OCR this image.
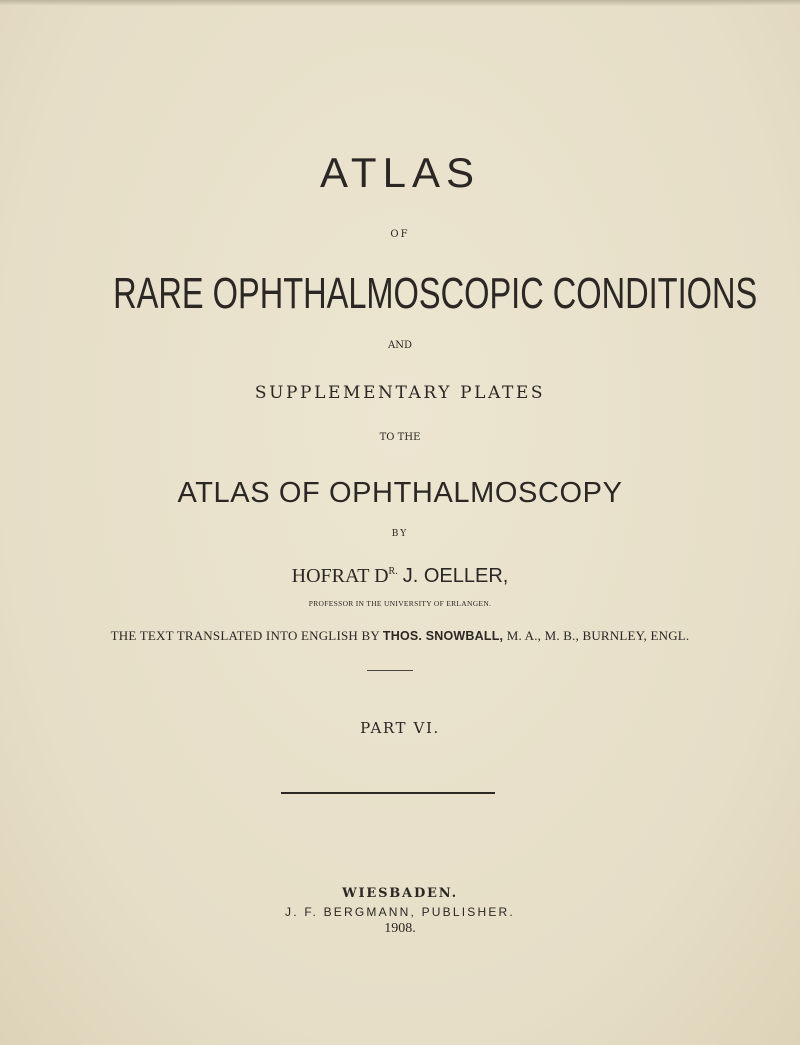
ATLAS
OF
RARE OPHTHALMOSCOPIC CONDITIONS
AND
SUPPLEMENTARY PLATES
TO THE
ATLAS OF OPHTHALMOSCOPY
BY
HOFRAT $D^{R.}$ J. OELLER,
PROFESSOR IN THE UNIVERSITY OF ERLANGEN.
THE TEXT TRANSLATED INTO ENGLISH BY THOS. SNOWBALL, M. A., M. B., BURNLEY, ENGL.
PART VI.
WIESBADEN.
J. F. BERGMANN, PUBLISHER.
1908.
